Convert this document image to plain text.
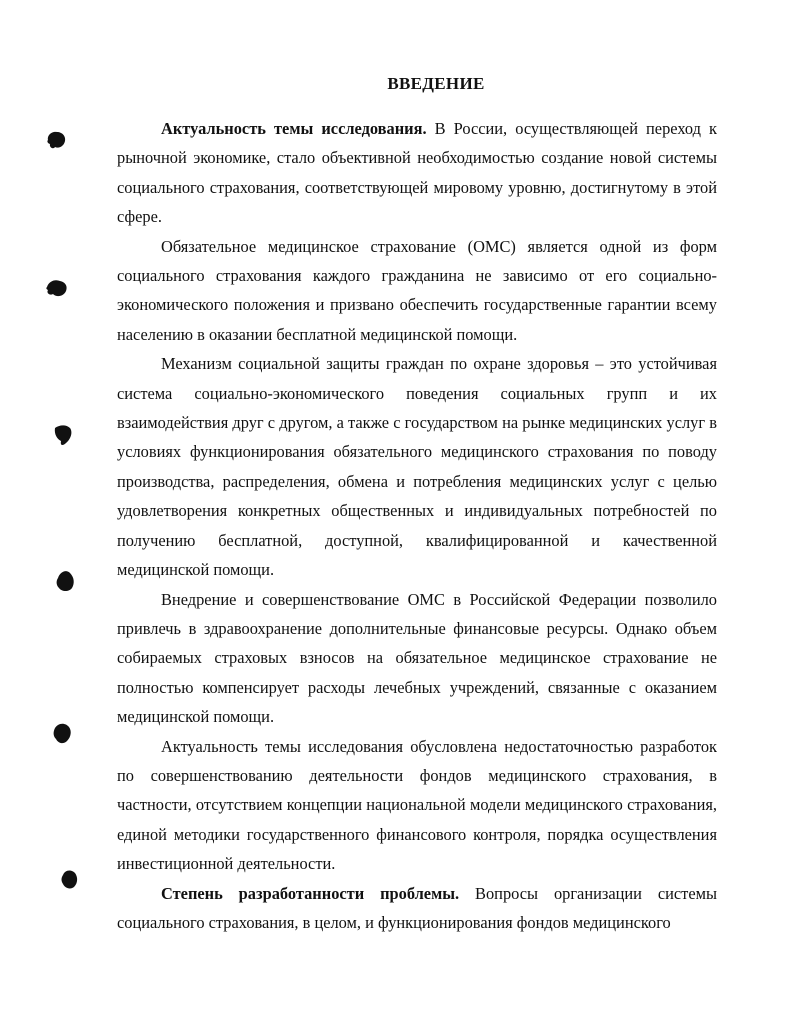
ВВЕДЕНИЕ

Актуальность темы исследования. В России, осуществляющей переход к рыночной экономике, стало объективной необходимостью создание новой системы социального страхования, соответствующей мировому уровню, достигнутому в этой сфере.

Обязательное медицинское страхование (ОМС) является одной из форм социального страхования каждого гражданина не зависимо от его социально-экономического положения и призвано обеспечить государственные гарантии всему населению в оказании бесплатной медицинской помощи.

Механизм социальной защиты граждан по охране здоровья – это устойчивая система социально-экономического поведения социальных групп и их взаимодействия друг с другом, а также с государством на рынке медицинских услуг в условиях функционирования обязательного медицинского страхования по поводу производства, распределения, обмена и потребления медицинских услуг с целью удовлетворения конкретных общественных и индивидуальных потребностей по получению бесплатной, доступной, квалифицированной и качественной медицинской помощи.

Внедрение и совершенствование ОМС в Российской Федерации позволило привлечь в здравоохранение дополнительные финансовые ресурсы. Однако объем собираемых страховых взносов на обязательное медицинское страхование не полностью компенсирует расходы лечебных учреждений, связанные с оказанием медицинской помощи.

Актуальность темы исследования обусловлена недостаточностью разработок по совершенствованию деятельности фондов медицинского страхования, в частности, отсутствием концепции национальной модели медицинского страхования, единой методики государственного финансового контроля, порядка осуществления инвестиционной деятельности.

Степень разработанности проблемы. Вопросы организации системы социального страхования, в целом, и функционирования фондов медицинского
